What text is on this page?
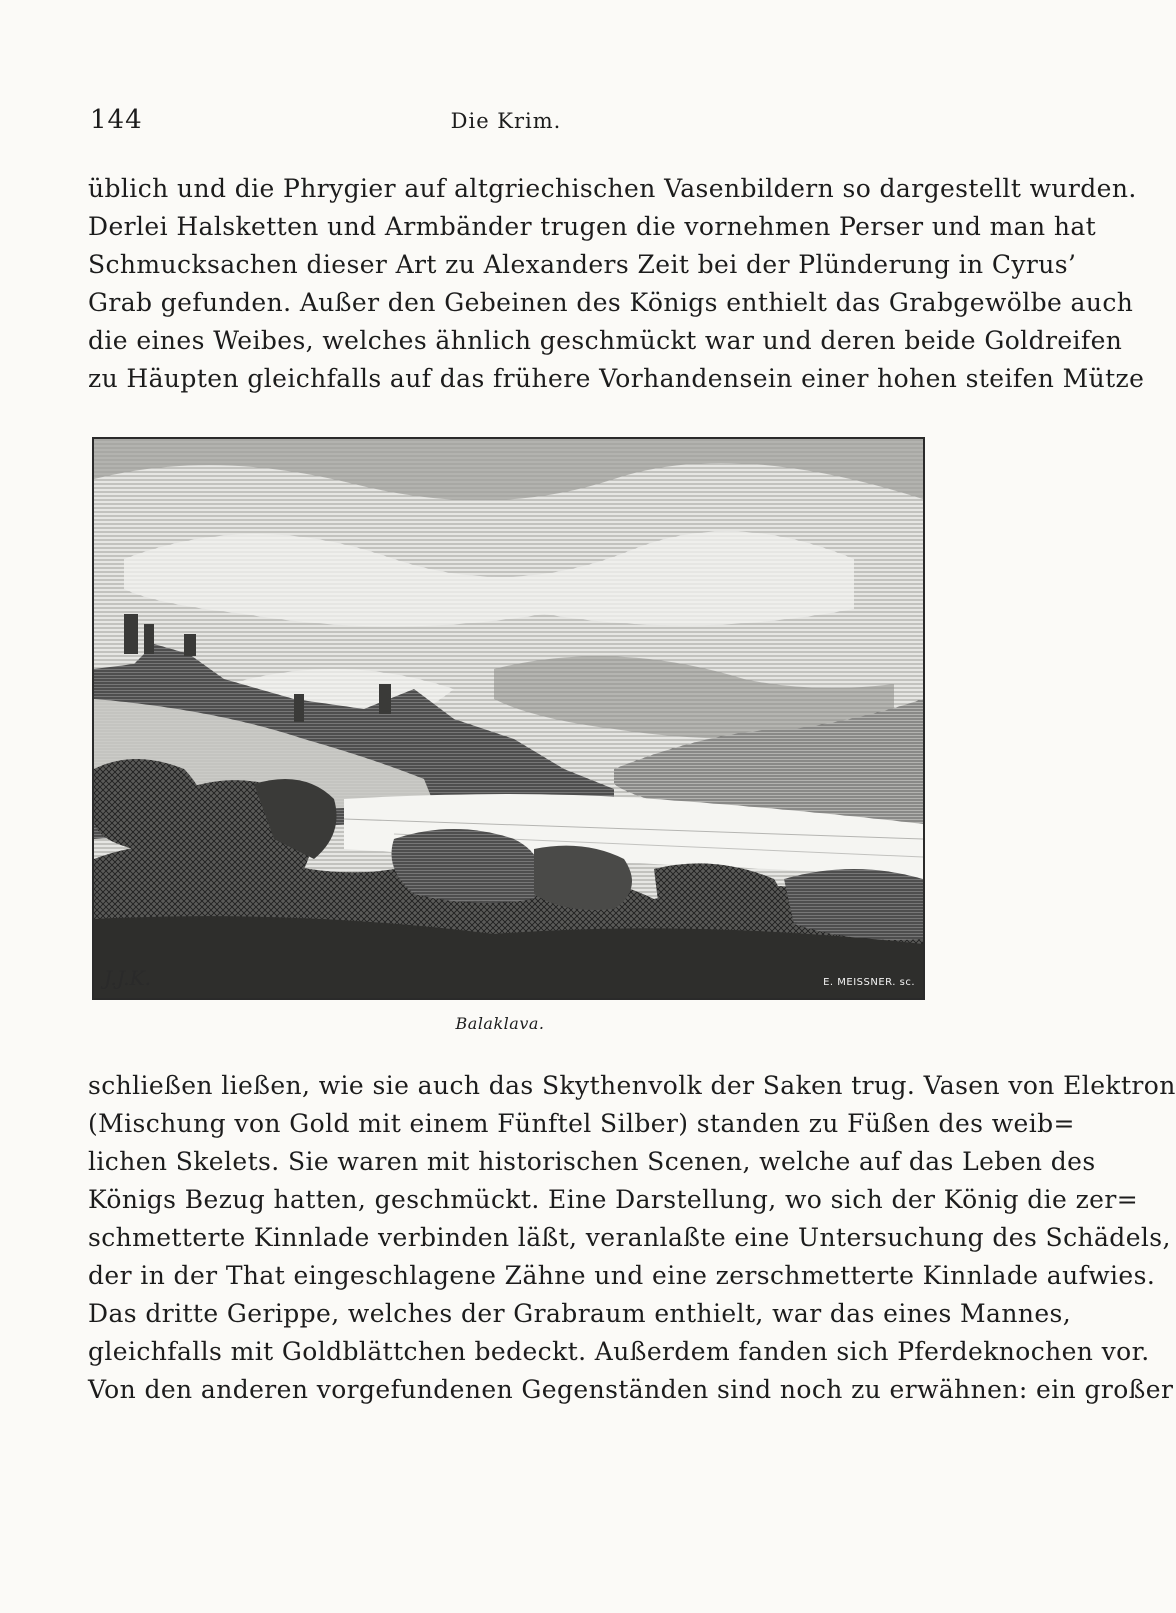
144	Die Krim.
üblich und die Phrygier auf altgriechischen Vasenbildern so dargestellt wurden.
Derlei Halsketten und Armbänder trugen die vornehmen Perser und man hat
Schmucksachen dieser Art zu Alexanders Zeit bei der Plünderung in Cyrus’
Grab gefunden. Außer den Gebeinen des Königs enthielt das Grabgewölbe auch
die eines Weibes, welches ähnlich geschmückt war und deren beide Goldreifen
zu Häupten gleichfalls auf das frühere Vorhandensein einer hohen steifen Mütze
J.J.K.	E. MEISSNER. sc.
Balaklava.
schließen ließen, wie sie auch das Skythenvolk der Saken trug. Vasen von Elektron
(Mischung von Gold mit einem Fünftel Silber) standen zu Füßen des weib=
lichen Skelets. Sie waren mit historischen Scenen, welche auf das Leben des
Königs Bezug hatten, geschmückt. Eine Darstellung, wo sich der König die zer=
schmetterte Kinnlade verbinden läßt, veranlaßte eine Untersuchung des Schädels,
der in der That eingeschlagene Zähne und eine zerschmetterte Kinnlade aufwies.
Das dritte Gerippe, welches der Grabraum enthielt, war das eines Mannes,
gleichfalls mit Goldblättchen bedeckt. Außerdem fanden sich Pferdeknochen vor.
Von den anderen vorgefundenen Gegenständen sind noch zu erwähnen: ein großer
